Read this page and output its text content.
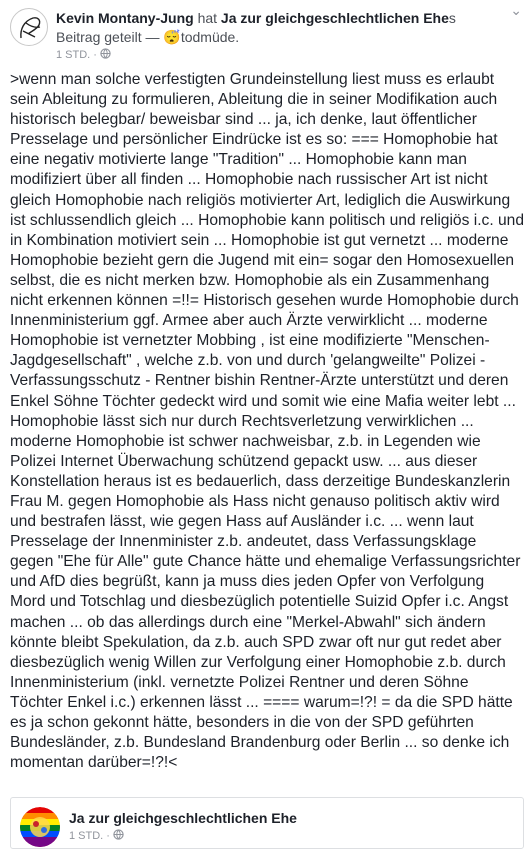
Kevin Montany-Jung hat Ja zur gleichgeschlechtlichen Ehes
Beitrag geteilt — 😴todmüde.
1 STD. ·
⌄

>wenn man solche verfestigten Grundeinstellung liest muss es erlaubt sein Ableitung zu formulieren, Ableitung die in seiner Modifikation auch historisch belegbar/ beweisbar sind ... ja, ich denke, laut öffentlicher Presselage und persönlicher Eindrücke ist es so: === Homophobie hat eine negativ motivierte lange "Tradition" ... Homophobie kann man modifiziert über all finden ... Homophobie nach russischer Art ist nicht gleich Homophobie nach religiös motivierter Art, lediglich die Auswirkung ist schlussendlich gleich ... Homophobie kann politisch und religiös i.c. und in Kombination motiviert sein ... Homophobie ist gut vernetzt ... moderne Homophobie bezieht gern die Jugend mit ein= sogar den Homosexuellen selbst, die es nicht merken bzw. Homophobie als ein Zusammenhang nicht erkennen können =!!= Historisch gesehen wurde Homophobie durch Innenministerium ggf. Armee aber auch Ärzte verwirklicht ... moderne Homophobie ist vernetzter Mobbing , ist eine modifizierte "Menschen- Jagdgesellschaft" , welche z.b. von und durch 'gelangweilte" Polizei -Verfassungsschutz - Rentner bishin Rentner-Ärzte unterstützt und deren Enkel Söhne Töchter gedeckt wird und somit wie eine Mafia weiter lebt ... Homophobie lässt sich nur durch Rechtsverletzung verwirklichen ... moderne Homophobie ist schwer nachweisbar, z.b. in Legenden wie Polizei Internet Überwachung schützend gepackt usw. ... aus dieser Konstellation heraus ist es bedauerlich, dass derzeitige Bundeskanzlerin Frau M. gegen Homophobie als Hass nicht genauso politisch aktiv wird und bestrafen lässt, wie gegen Hass auf Ausländer i.c. ... wenn laut Presselage der Innenminister z.b. andeutet, dass Verfassungsklage gegen "Ehe für Alle" gute Chance hätte und ehemalige Verfassungsrichter und AfD dies begrüßt, kann ja muss dies jeden Opfer von Verfolgung Mord und Totschlag und diesbezüglich potentielle Suizid Opfer i.c. Angst machen ... ob das allerdings durch eine "Merkel-Abwahl" sich ändern könnte bleibt Spekulation, da z.b. auch SPD zwar oft nur gut redet aber diesbezüglich wenig Willen zur Verfolgung einer Homophobie z.b. durch Innenministerium (inkl. vernetzte Polizei Rentner und deren Söhne Töchter Enkel i.c.) erkennen lässt ... ==== warum=!?! = da die SPD hätte es ja schon gekonnt hätte, besonders in die von der SPD geführten Bundesländer, z.b. Bundesland Brandenburg oder Berlin ... so denke ich momentan darüber=!?!<

Ja zur gleichgeschlechtlichen Ehe
1 STD. ·
